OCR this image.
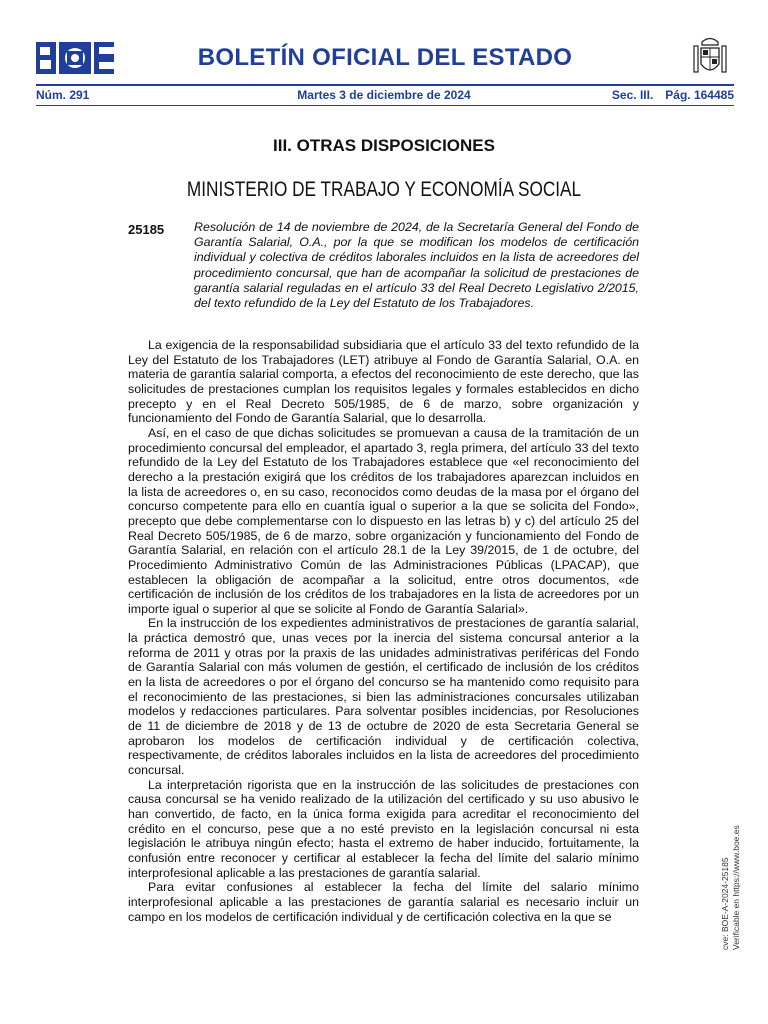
BOLETÍN OFICIAL DEL ESTADO
Núm. 291	Martes 3 de diciembre de 2024	Sec. III. Pág. 164485
III. OTRAS DISPOSICIONES
MINISTERIO DE TRABAJO Y ECONOMÍA SOCIAL
25185 Resolución de 14 de noviembre de 2024, de la Secretaría General del Fondo de Garantía Salarial, O.A., por la que se modifican los modelos de certificación individual y colectiva de créditos laborales incluidos en la lista de acreedores del procedimiento concursal, que han de acompañar la solicitud de prestaciones de garantía salarial reguladas en el artículo 33 del Real Decreto Legislativo 2/2015, del texto refundido de la Ley del Estatuto de los Trabajadores.

La exigencia de la responsabilidad subsidiaria que el artículo 33 del texto refundido de la Ley del Estatuto de los Trabajadores (LET) atribuye al Fondo de Garantía Salarial, O.A. en materia de garantía salarial comporta, a efectos del reconocimiento de este derecho, que las solicitudes de prestaciones cumplan los requisitos legales y formales establecidos en dicho precepto y en el Real Decreto 505/1985, de 6 de marzo, sobre organización y funcionamiento del Fondo de Garantía Salarial, que lo desarrolla.

Así, en el caso de que dichas solicitudes se promuevan a causa de la tramitación de un procedimiento concursal del empleador, el apartado 3, regla primera, del artículo 33 del texto refundido de la Ley del Estatuto de los Trabajadores establece que «el reconocimiento del derecho a la prestación exigirá que los créditos de los trabajadores aparezcan incluidos en la lista de acreedores o, en su caso, reconocidos como deudas de la masa por el órgano del concurso competente para ello en cuantía igual o superior a la que se solicita del Fondo», precepto que debe complementarse con lo dispuesto en las letras b) y c) del artículo 25 del Real Decreto 505/1985, de 6 de marzo, sobre organización y funcionamiento del Fondo de Garantía Salarial, en relación con el artículo 28.1 de la Ley 39/2015, de 1 de octubre, del Procedimiento Administrativo Común de las Administraciones Públicas (LPACAP), que establecen la obligación de acompañar a la solicitud, entre otros documentos, «de certificación de inclusión de los créditos de los trabajadores en la lista de acreedores por un importe igual o superior al que se solicite al Fondo de Garantía Salarial».

En la instrucción de los expedientes administrativos de prestaciones de garantía salarial, la práctica demostró que, unas veces por la inercia del sistema concursal anterior a la reforma de 2011 y otras por la praxis de las unidades administrativas periféricas del Fondo de Garantía Salarial con más volumen de gestión, el certificado de inclusión de los créditos en la lista de acreedores o por el órgano del concurso se ha mantenido como requisito para el reconocimiento de las prestaciones, si bien las administraciones concursales utilizaban modelos y redacciones particulares. Para solventar posibles incidencias, por Resoluciones de 11 de diciembre de 2018 y de 13 de octubre de 2020 de esta Secretaria General se aprobaron los modelos de certificación individual y de certificación colectiva, respectivamente, de créditos laborales incluidos en la lista de acreedores del procedimiento concursal.

La interpretación rigorista que en la instrucción de las solicitudes de prestaciones con causa concursal se ha venido realizado de la utilización del certificado y su uso abusivo le han convertido, de facto, en la única forma exigida para acreditar el reconocimiento del crédito en el concurso, pese que a no esté previsto en la legislación concursal ni esta legislación le atribuya ningún efecto; hasta el extremo de haber inducido, fortuitamente, la confusión entre reconocer y certificar al establecer la fecha del límite del salario mínimo interprofesional aplicable a las prestaciones de garantía salarial.

Para evitar confusiones al establecer la fecha del límite del salario mínimo interprofesional aplicable a las prestaciones de garantía salarial es necesario incluir un campo en los modelos de certificación individual y de certificación colectiva en la que se	cve: BOE-A-2024-25185 Verificable en https://www.boe.es
